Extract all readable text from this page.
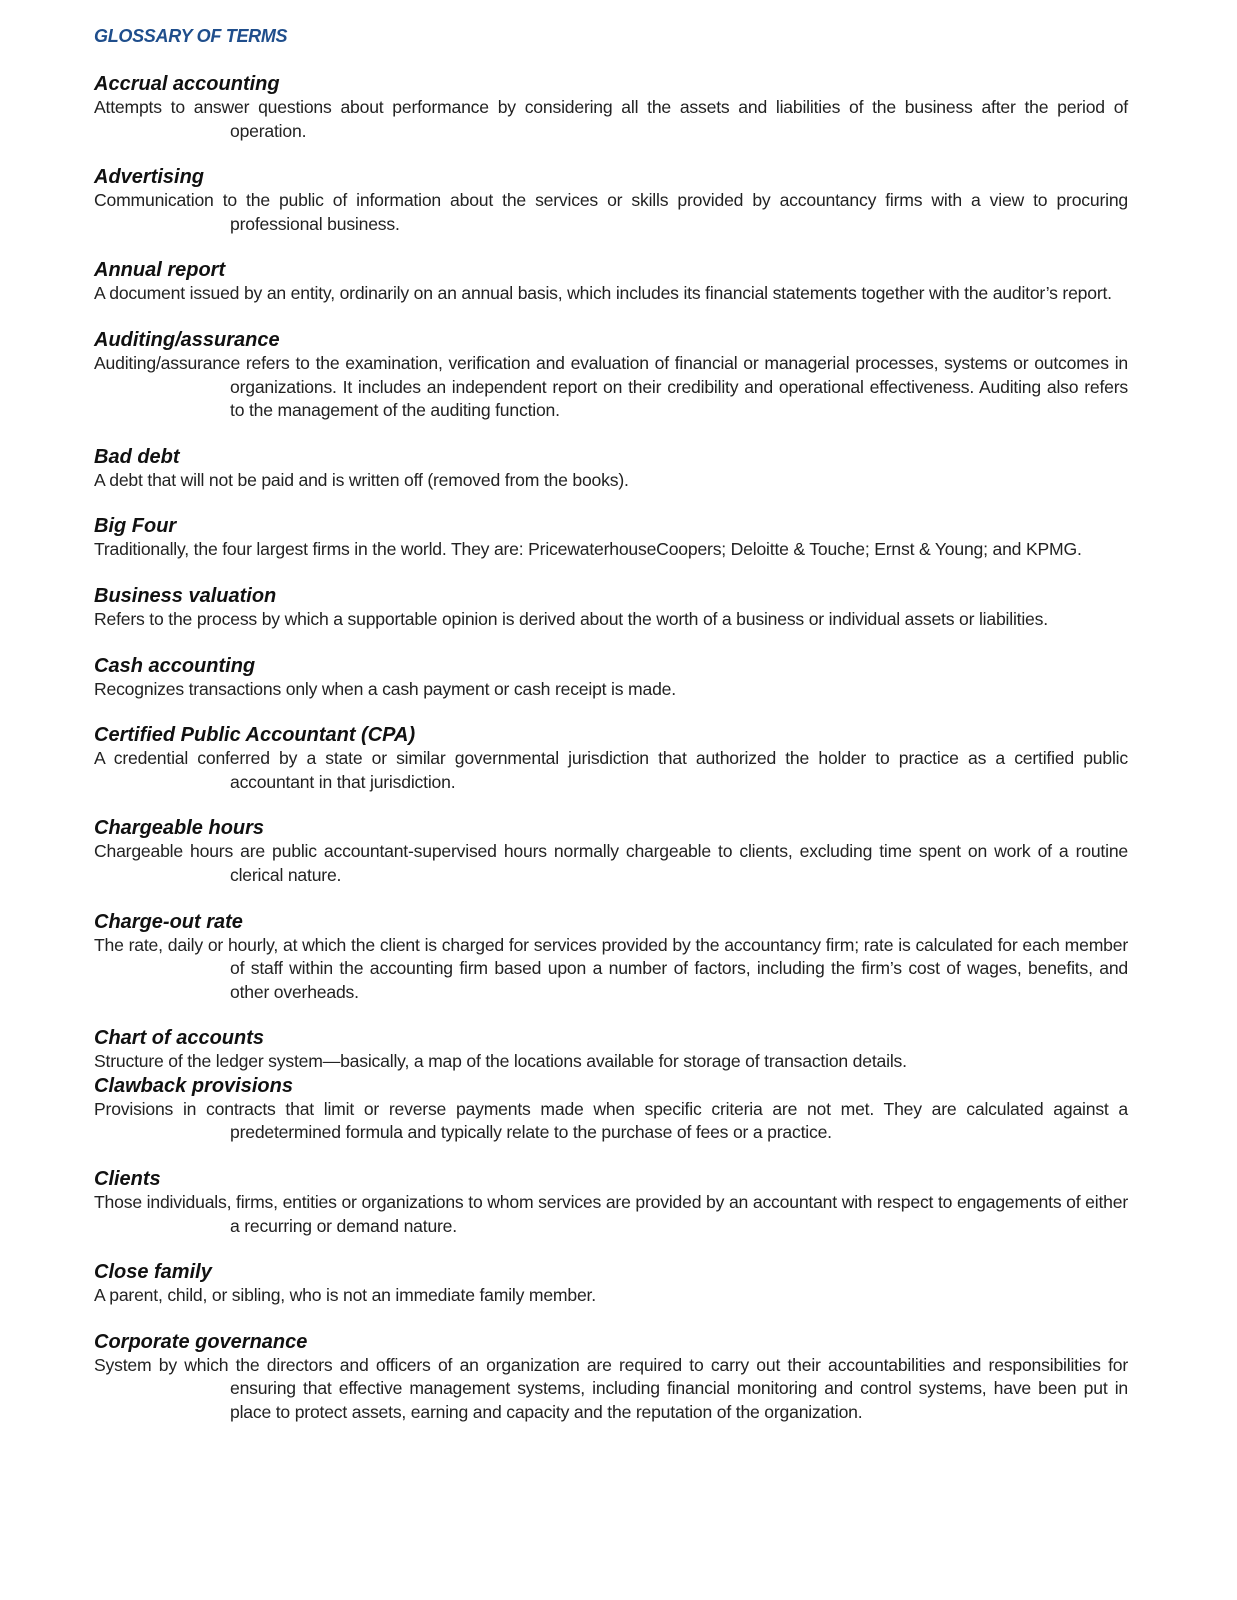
GLOSSARY OF TERMS
Accrual accounting
Attempts to answer questions about performance by considering all the assets and liabilities of the business after the period of operation.
Advertising
Communication to the public of information about the services or skills provided by accountancy firms with a view to procuring professional business.
Annual report
A document issued by an entity, ordinarily on an annual basis, which includes its financial statements together with the auditor’s report.
Auditing/assurance
Auditing/assurance refers to the examination, verification and evaluation of financial or managerial processes, systems or outcomes in organizations. It includes an independent report on their credibility and operational effectiveness. Auditing also refers to the management of the auditing function.
Bad debt
A debt that will not be paid and is written off (removed from the books).
Big Four
Traditionally, the four largest firms in the world. They are: PricewaterhouseCoopers; Deloitte & Touche; Ernst & Young; and KPMG.
Business valuation
Refers to the process by which a supportable opinion is derived about the worth of a business or individual assets or liabilities.
Cash accounting
Recognizes transactions only when a cash payment or cash receipt is made.
Certified Public Accountant (CPA)
A credential conferred by a state or similar governmental jurisdiction that authorized the holder to practice as a certified public accountant in that jurisdiction.
Chargeable hours
Chargeable hours are public accountant-supervised hours normally chargeable to clients, excluding time spent on work of a routine clerical nature.
Charge-out rate
The rate, daily or hourly, at which the client is charged for services provided by the accountancy firm; rate is calculated for each member of staff within the accounting firm based upon a number of factors, including the firm’s cost of wages, benefits, and other overheads.
Chart of accounts
Structure of the ledger system—basically, a map of the locations available for storage of transaction details.
Clawback provisions
Provisions in contracts that limit or reverse payments made when specific criteria are not met. They are calculated against a predetermined formula and typically relate to the purchase of fees or a practice.
Clients
Those individuals, firms, entities or organizations to whom services are provided by an accountant with respect to engagements of either a recurring or demand nature.
Close family
A parent, child, or sibling, who is not an immediate family member.
Corporate governance
System by which the directors and officers of an organization are required to carry out their accountabilities and responsibilities for ensuring that effective management systems, including financial monitoring and control systems, have been put in place to protect assets, earning and capacity and the reputation of the organization.
